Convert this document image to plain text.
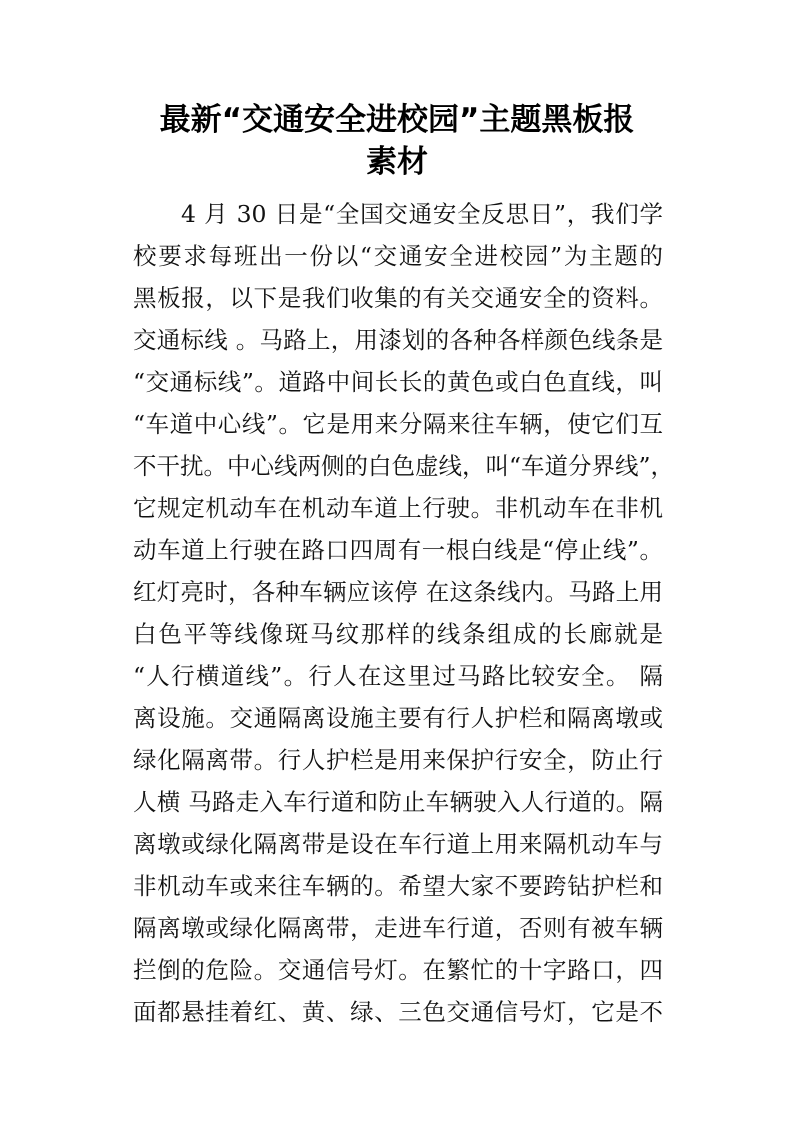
最新“交通安全进校园”主题黑板报
素材

4 月 30 日是“全国交通安全反思日”，我们学

校要求每班出一份以“交通安全进校园”为主题的

黑板报，以下是我们收集的有关交通安全的资料。

交通标线 。马路上，用漆划的各种各样颜色线条是

“交通标线”。道路中间长长的黄色或白色直线，叫

“车道中心线”。它是用来分隔来往车辆，使它们互

不干扰。中心线两侧的白色虚线，叫“车道分界线”，

它规定机动车在机动车道上行驶。非机动车在非机

动车道上行驶在路口四周有一根白线是“停止线”。

红灯亮时，各种车辆应该停 在这条线内。马路上用

白色平等线像斑马纹那样的线条组成的长廊就是

“人行横道线”。行人在这里过马路比较安全。 隔

离设施。交通隔离设施主要有行人护栏和隔离墩或

绿化隔离带。行人护栏是用来保护行安全，防止行

人横 马路走入车行道和防止车辆驶入人行道的。隔

离墩或绿化隔离带是设在车行道上用来隔机动车与

非机动车或来往车辆的。希望大家不要跨钻护栏和

隔离墩或绿化隔离带，走进车行道，否则有被车辆

拦倒的危险。交通信号灯。在繁忙的十字路口，四

面都悬挂着红、黄、绿、三色交通信号灯，它是不
